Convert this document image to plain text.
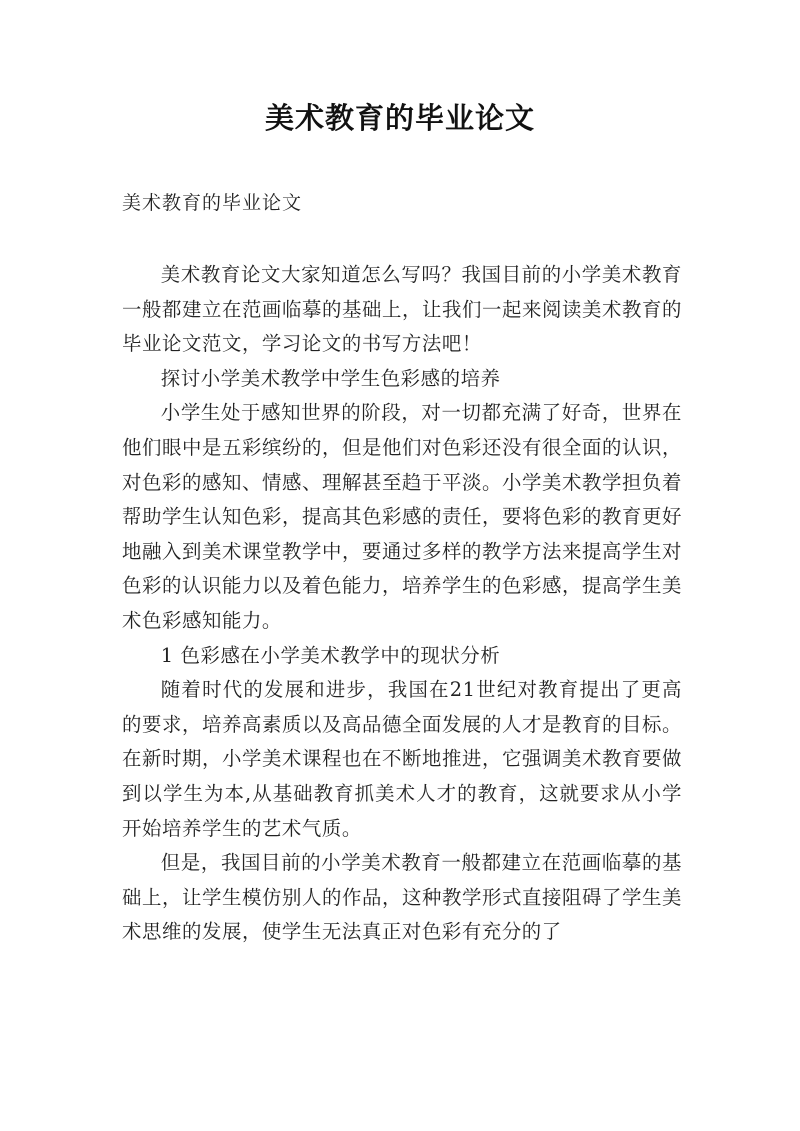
美术教育的毕业论文
美术教育的毕业论文

美术教育论文大家知道怎么写吗？我国目前的小学美术教育一般都建立在范画临摹的基础上，让我们一起来阅读美术教育的毕业论文范文，学习论文的书写方法吧！

探讨小学美术教学中学生色彩感的培养

小学生处于感知世界的阶段，对一切都充满了好奇，世界在他们眼中是五彩缤纷的，但是他们对色彩还没有很全面的认识，对色彩的感知、情感、理解甚至趋于平淡。小学美术教学担负着帮助学生认知色彩，提高其色彩感的责任，要将色彩的教育更好地融入到美术课堂教学中，要通过多样的教学方法来提高学生对色彩的认识能力以及着色能力，培养学生的色彩感，提高学生美术色彩感知能力。

1 色彩感在小学美术教学中的现状分析

随着时代的发展和进步，我国在21世纪对教育提出了更高的要求，培养高素质以及高品德全面发展的人才是教育的目标。在新时期，小学美术课程也在不断地推进，它强调美术教育要做到以学生为本,从基础教育抓美术人才的教育，这就要求从小学开始培养学生的艺术气质。

但是，我国目前的小学美术教育一般都建立在范画临摹的基础上，让学生模仿别人的作品，这种教学形式直接阻碍了学生美术思维的发展，使学生无法真正对色彩有充分的了
